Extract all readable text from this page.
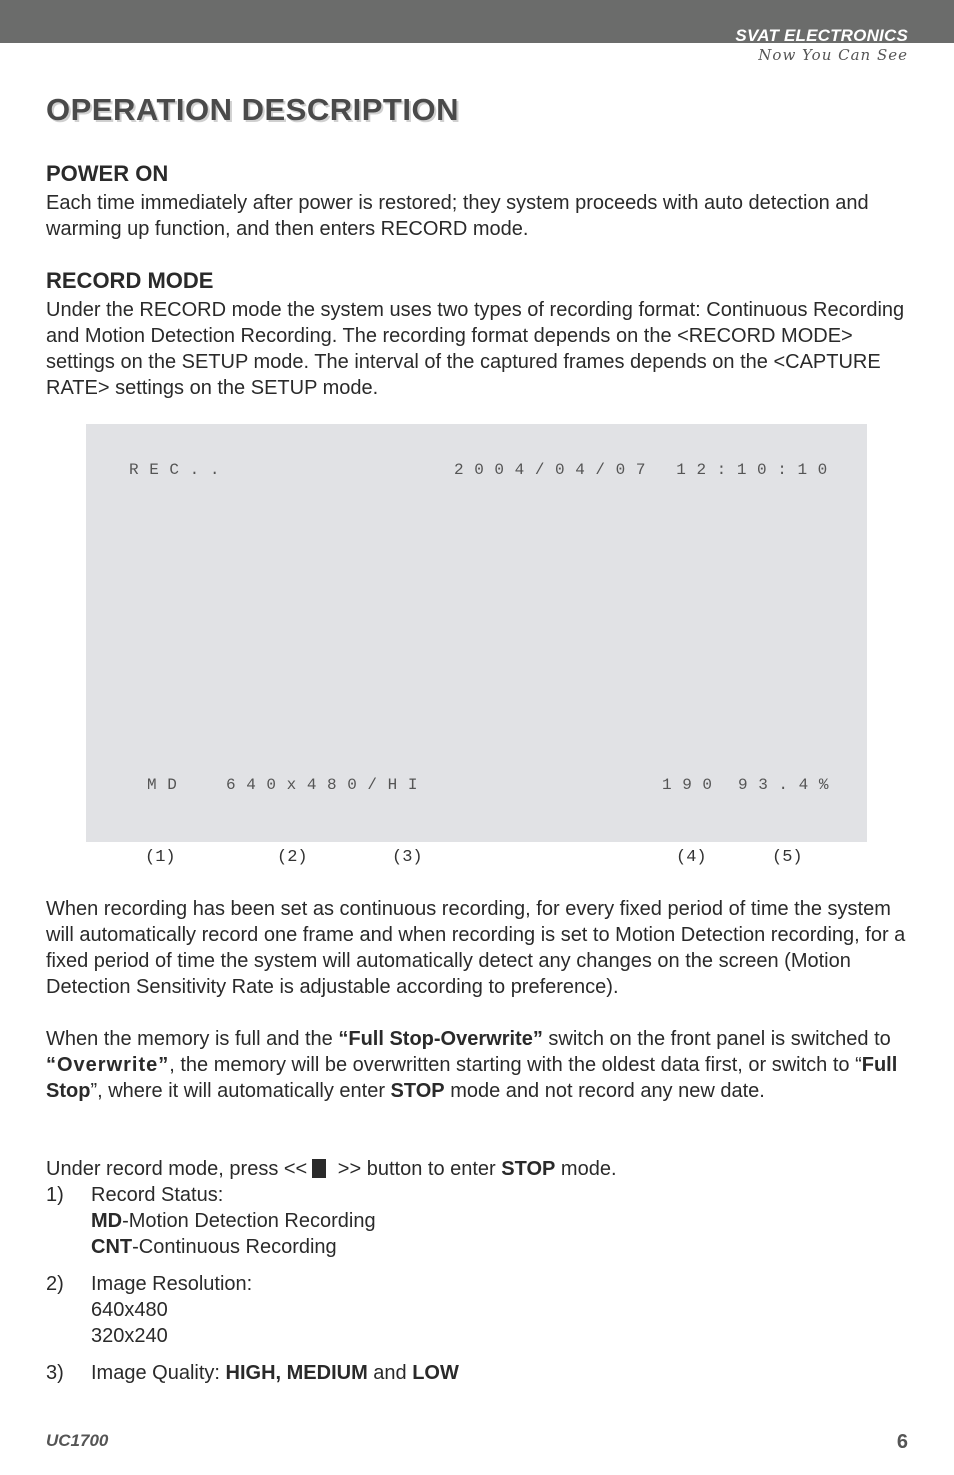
SVAT ELECTRONICS
Now You Can See
OPERATION DESCRIPTION
POWER ON

Each time immediately after power is restored; they system proceeds with auto detection and warming up function, and then enters RECORD mode.

RECORD MODE

Under the RECORD mode the system uses two types of recording format: Continuous Recording and Motion Detection Recording. The recording format depends on the <RECORD MODE> settings on the SETUP mode. The interval of the captured frames depends on the <CAPTURE RATE> settings on the SETUP mode.

R E C . .	2 0 0 4 / 0 4 / 0 7   1 2 : 1 0 : 1 0
M D	6 4 0 x 4 8 0 / H I	1 9 0 9 3 . 4 %
(1)	(2)	(3)	(4)	(5)

When recording has been set as continuous recording, for every fixed period of time the system will automatically record one frame and when recording is set to Motion Detection recording, for a fixed period of time the system will automatically detect any changes on the screen (Motion Detection Sensitivity Rate is adjustable according to preference).

When the memory is full and the “Full Stop-Overwrite” switch on the front panel is switched to “Overwrite”, the memory will be overwritten starting with the oldest data first, or switch to “Full Stop”, where it will automatically enter STOP mode and not record any new date.

Under record mode, press << >> button to enter STOP mode.

1) Record Status:
MD-Motion Detection Recording
CNT-Continuous Recording

2) Image Resolution:
640x480
320x240

3) Image Quality: HIGH, MEDIUM and LOW
UC1700	6
